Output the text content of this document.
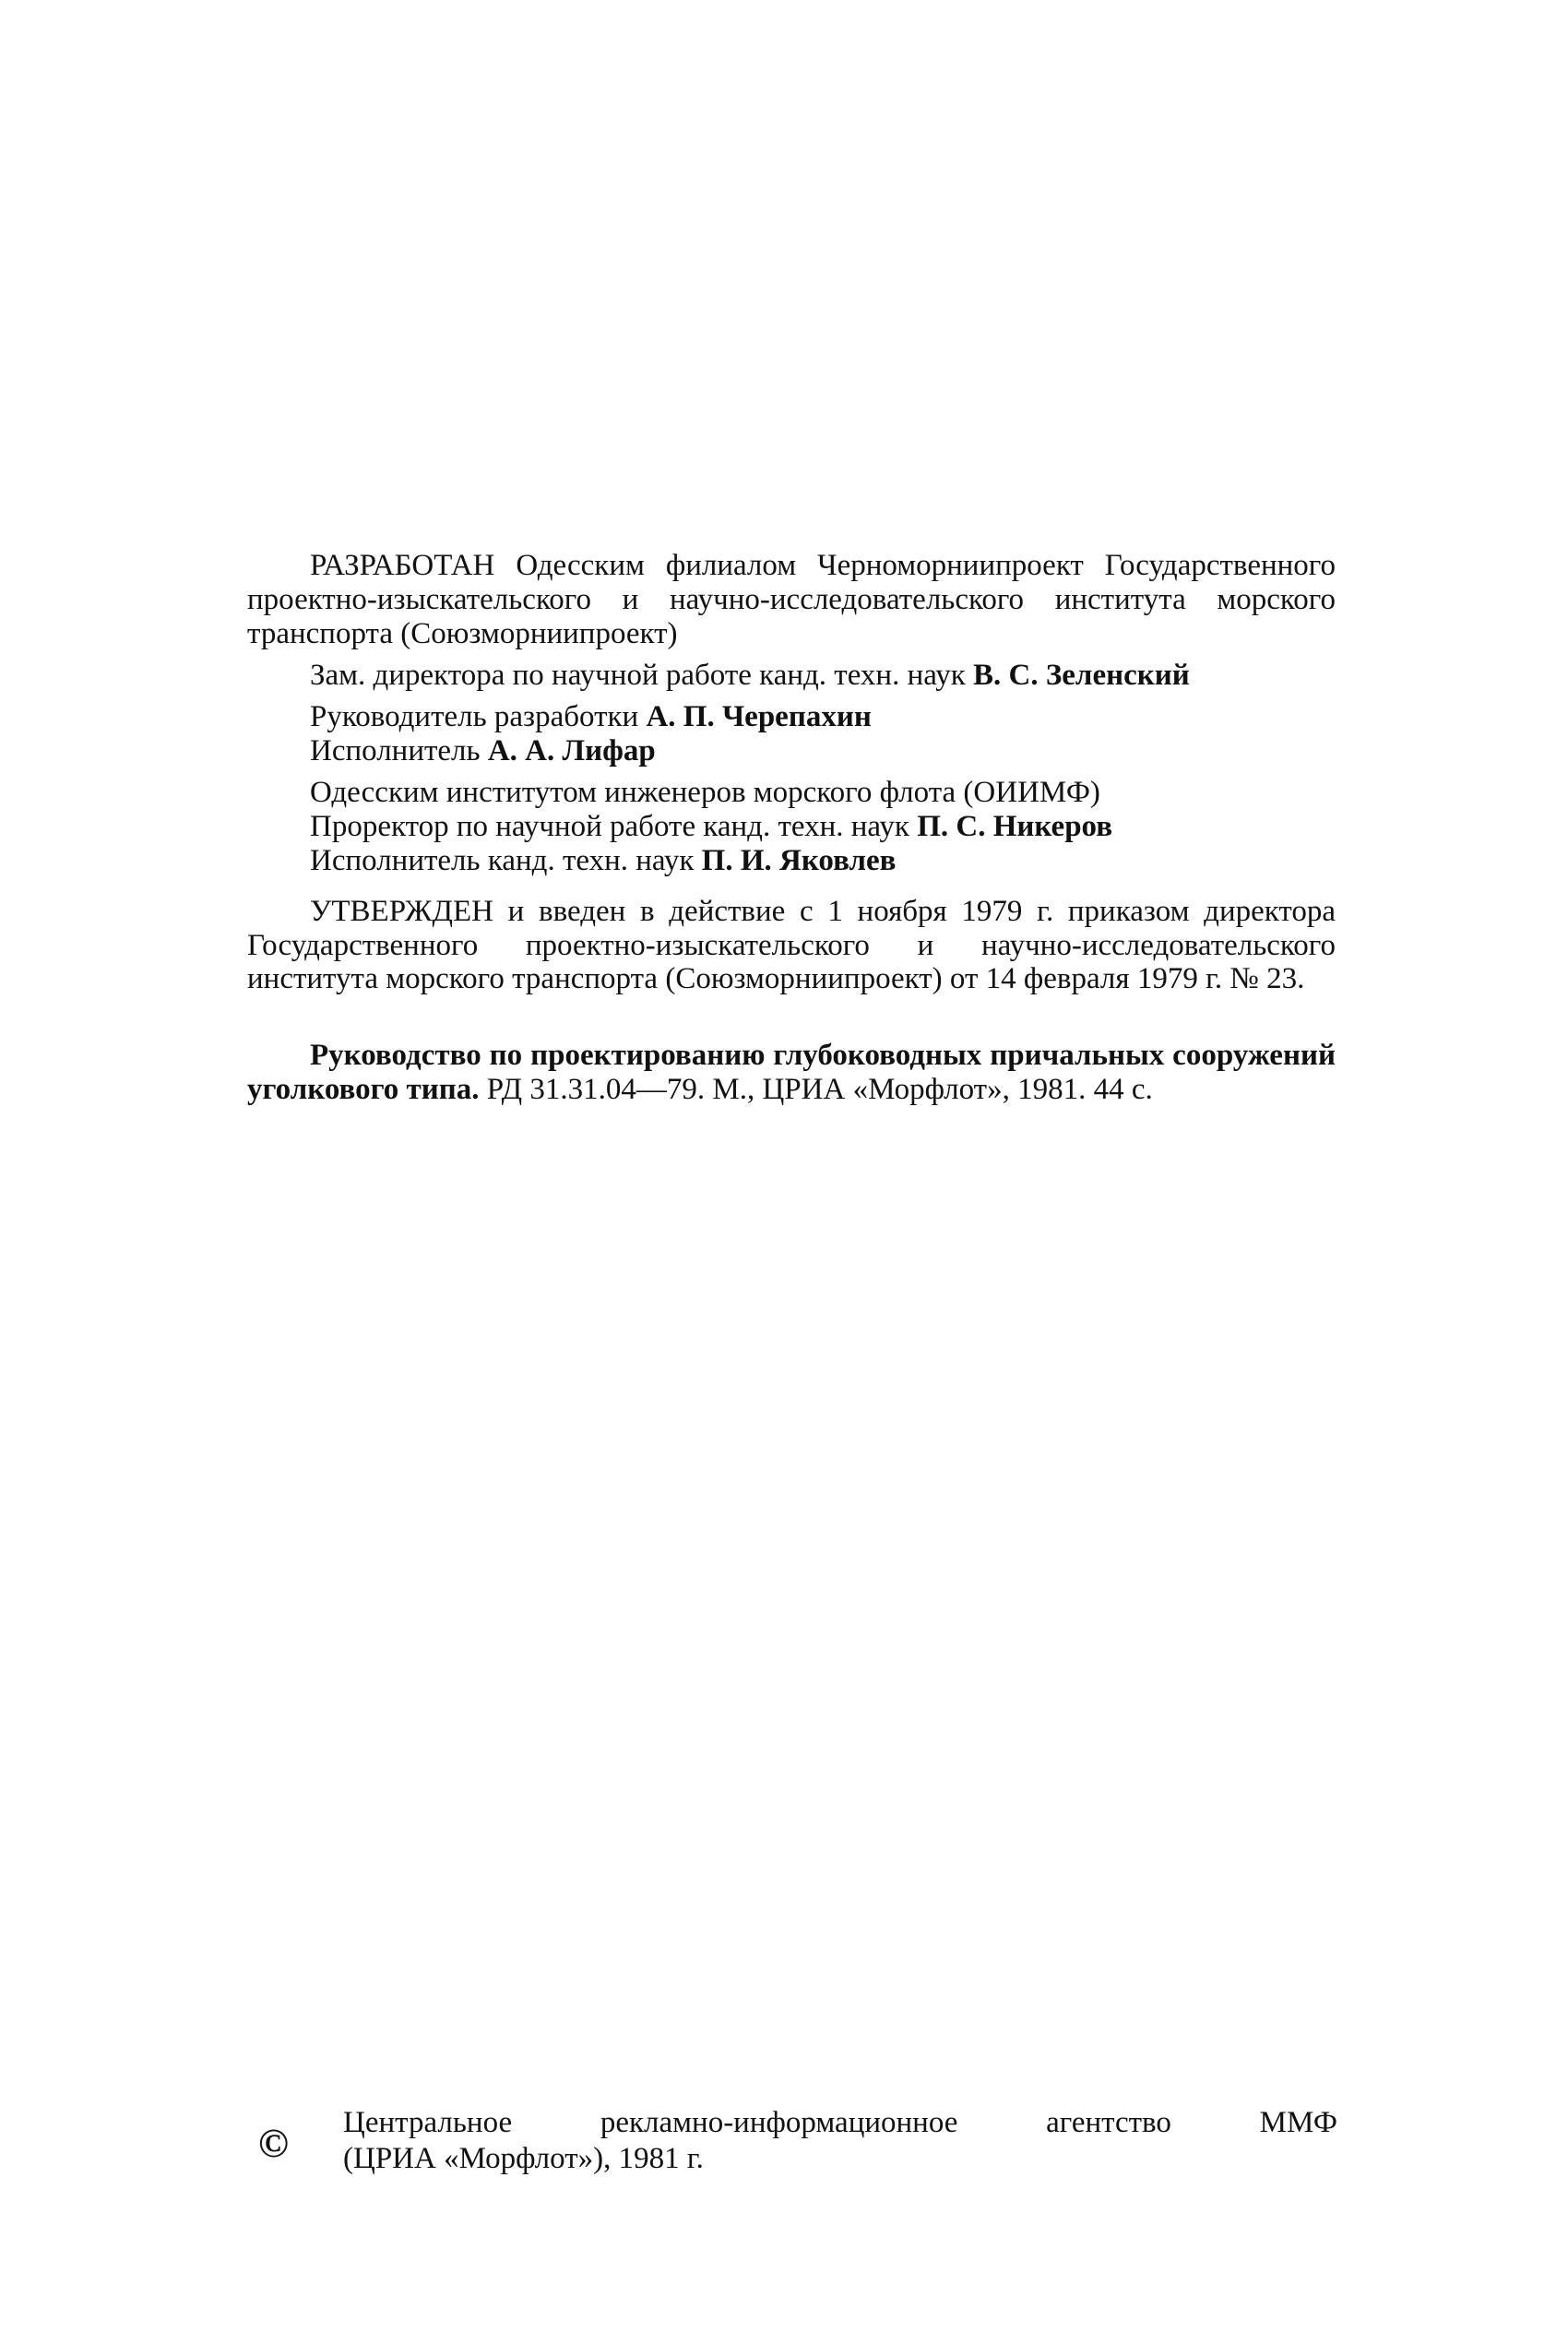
РАЗРАБОТАН Одесским филиалом Черноморниипроект Государственного проектно-изыскательского и научно-исследовательского института морского транспорта (Союзморниипроект)

Зам. директора по научной работе канд. техн. наук В. С. Зеленский

Руководитель разработки А. П. Черепахин

Исполнитель А. А. Лифар

Одесским институтом инженеров морского флота (ОИИМФ)

Проректор по научной работе канд. техн. наук П. С. Никеров

Исполнитель канд. техн. наук П. И. Яковлев

УТВЕРЖДЕН и введен в действие с 1 ноября 1979 г. приказом директора Государственного проектно-изыскательского и научно-исследовательского института морского транспорта (Союзморниипроект) от 14 февраля 1979 г. № 23.

Руководство по проектированию глубоководных причальных сооружений уголкового типа. РД 31.31.04—79. М., ЦРИА «Морфлот», 1981. 44 с.

© Центральное	рекламно-информационное	агентство	ММФ
(ЦРИА «Морфлот»), 1981 г.
